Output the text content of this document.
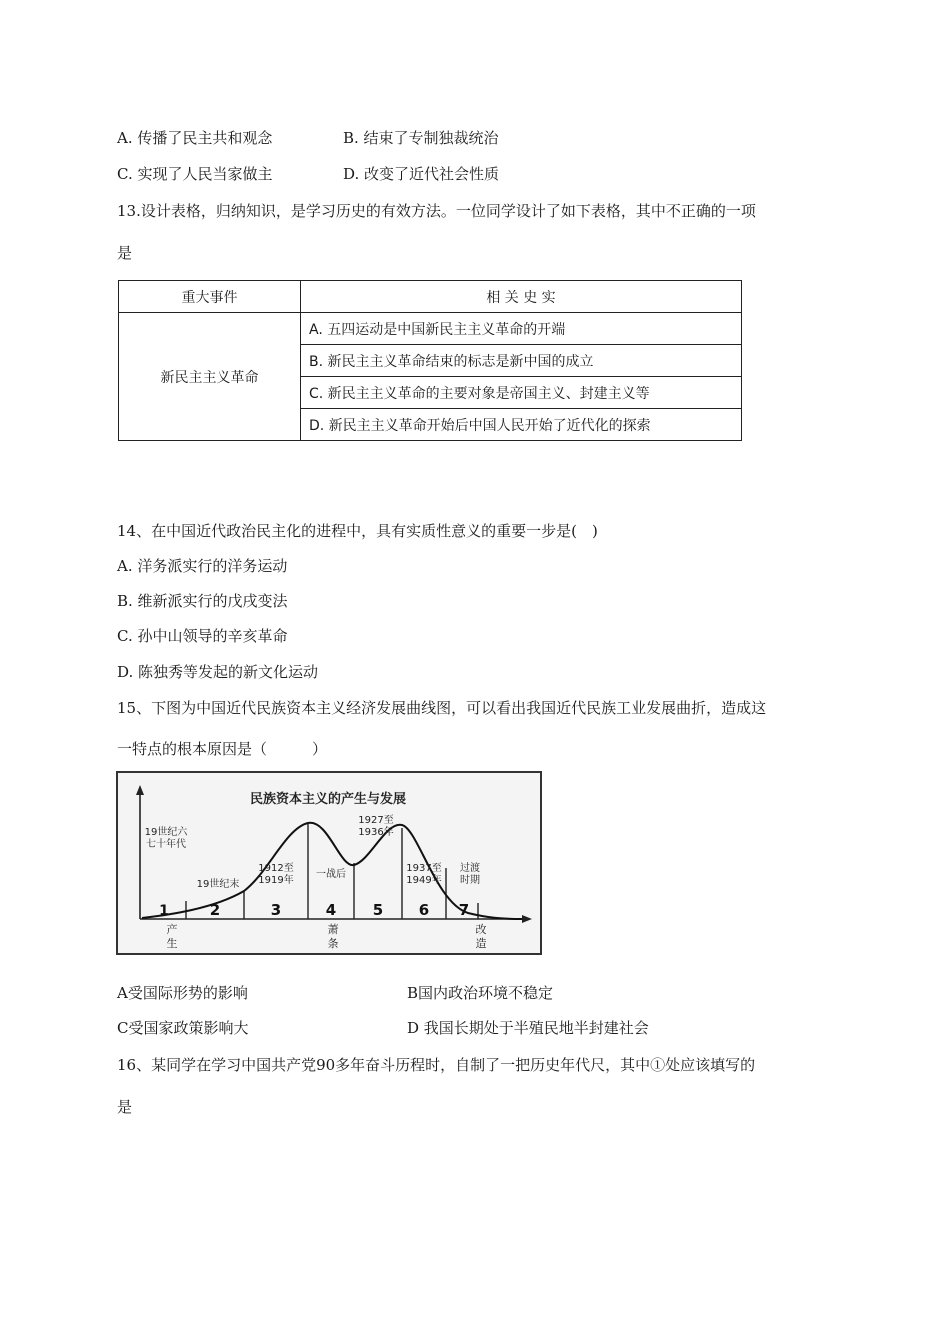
A. 传播了民主共和观念	B. 结束了专制独裁统治
C. 实现了人民当家做主	D. 改变了近代社会性质
13.设计表格，归纳知识，是学习历史的有效方法。一位同学设计了如下表格，其中不正确的一项
是
重大事件	相 关 史 实
新民主主义革命	A. 五四运动是中国新民主主义革命的开端
	B. 新民主主义革命结束的标志是新中国的成立
	C. 新民主主义革命的主要对象是帝国主义、封建主义等
	D. 新民主主义革命开始后中国人民开始了近代化的探索
14、在中国近代政治民主化的进程中，具有实质性意义的重要一步是(　)
A. 洋务派实行的洋务运动
B. 维新派实行的戊戌变法
C. 孙中山领导的辛亥革命
D. 陈独秀等发起的新文化运动
15、下图为中国近代民族资本主义经济发展曲线图，可以看出我国近代民族工业发展曲折，造成这
一特点的根本原因是（　　　）
民族资本主义的产生与发展
19世纪六
七十年代
19世纪末
1912至
1919年
一战后
1927至
1936年
1937至
1949年
过渡
时期
1	2	3	4 5 6 7
产
生
萧
条
改
造
A受国际形势的影响	B国内政治环境不稳定
C受国家政策影响大	D 我国长期处于半殖民地半封建社会
16、某同学在学习中国共产党90多年奋斗历程时，自制了一把历史年代尺，其中①处应该填写的
是
